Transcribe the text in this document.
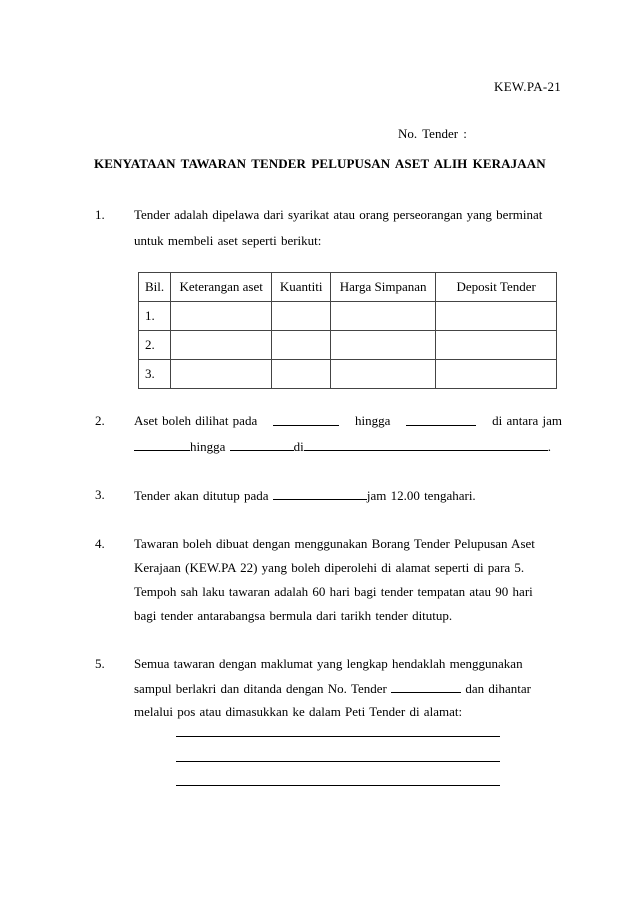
KEW.PA-21
No. Tender :
KENYATAAN TAWARAN TENDER PELUPUSAN ASET ALIH KERAJAAN
1. Tender adalah dipelawa dari syarikat atau orang perseorangan yang berminat
untuk membeli aset seperti berikut:
Bil.	Keterangan aset	Kuantiti	Harga Simpanan	Deposit Tender
1.				
2.				
3.				
2. Aset boleh dilihat pada	hingga	di antara jam
hingga	di	.
3. Tender akan ditutup pada	jam 12.00 tengahari.
4. Tawaran boleh dibuat dengan menggunakan Borang Tender Pelupusan Aset
Kerajaan (KEW.PA 22) yang boleh diperolehi di alamat seperti di para 5.
Tempoh sah laku tawaran adalah 60 hari bagi tender tempatan atau 90 hari
bagi tender antarabangsa bermula dari tarikh tender ditutup.
5. Semua tawaran dengan maklumat yang lengkap hendaklah menggunakan
sampul berlakri dan ditanda dengan No. Tender	dan dihantar
melalui pos atau dimasukkan ke dalam Peti Tender di alamat:
